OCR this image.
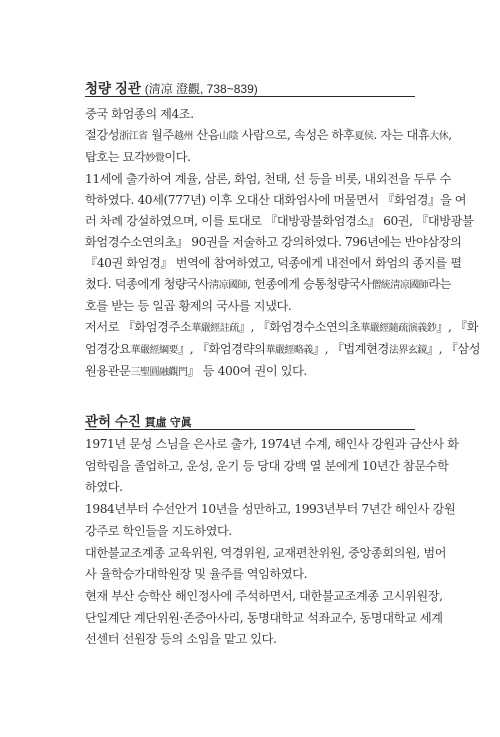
청량 징관 (淸凉 澄觀, 738~839)

중국 화엄종의 제4조.

절강성浙江省 월주越州 산음山陰 사람으로, 속성은 하후夏侯. 자는 대휴大休,

탑호는 묘각妙覺이다.

11세에 출가하여 계율, 삼론, 화엄, 천태, 선 등을 비롯, 내외전을 두루 수

학하였다. 40세(777년) 이후 오대산 대화엄사에 머물면서 『화엄경』을 여

러 차례 강설하였으며, 이를 토대로 『대방광불화엄경소』 60권, 『대방광불

화엄경수소연의초』 90권을 저술하고 강의하였다. 796년에는 반야삼장의

『40권 화엄경』 번역에 참여하였고, 덕종에게 내전에서 화엄의 종지를 펼

쳤다. 덕종에게 청량국사淸凉國師, 헌종에게 승통청량국사僧統淸凉國師라는

호를 받는 등 일곱 황제의 국사를 지냈다.

저서로 『화엄경주소華嚴經註疏』, 『화엄경수소연의초華嚴經隨疏演義鈔』, 『화

엄경강요華嚴經綱要』, 『화엄경략의華嚴經略義』, 『법계현경法界玄鏡』, 『삼성

원융관문三聖圓融觀門』 등 400여 권이 있다.

관허 수진 貫虛 守眞

1971년 문성 스님을 은사로 출가, 1974년 수계, 해인사 강원과 금산사 화

엄학림을 졸업하고, 운성, 운기 등 당대 강백 열 분에게 10년간 참문수학

하였다.

1984년부터 수선안거 10년을 성만하고, 1993년부터 7년간 해인사 강원

강주로 학인들을 지도하였다.

대한불교조계종 교육위원, 역경위원, 교재편찬위원, 중앙종회의원, 범어

사 율학승가대학원장 및 율주를 역임하였다.

현재 부산 승학산 해인정사에 주석하면서, 대한불교조계종 고시위원장,

단일계단 계단위원·존증아사리, 동명대학교 석좌교수, 동명대학교 세계

선센터 선원장 등의 소임을 맡고 있다.
